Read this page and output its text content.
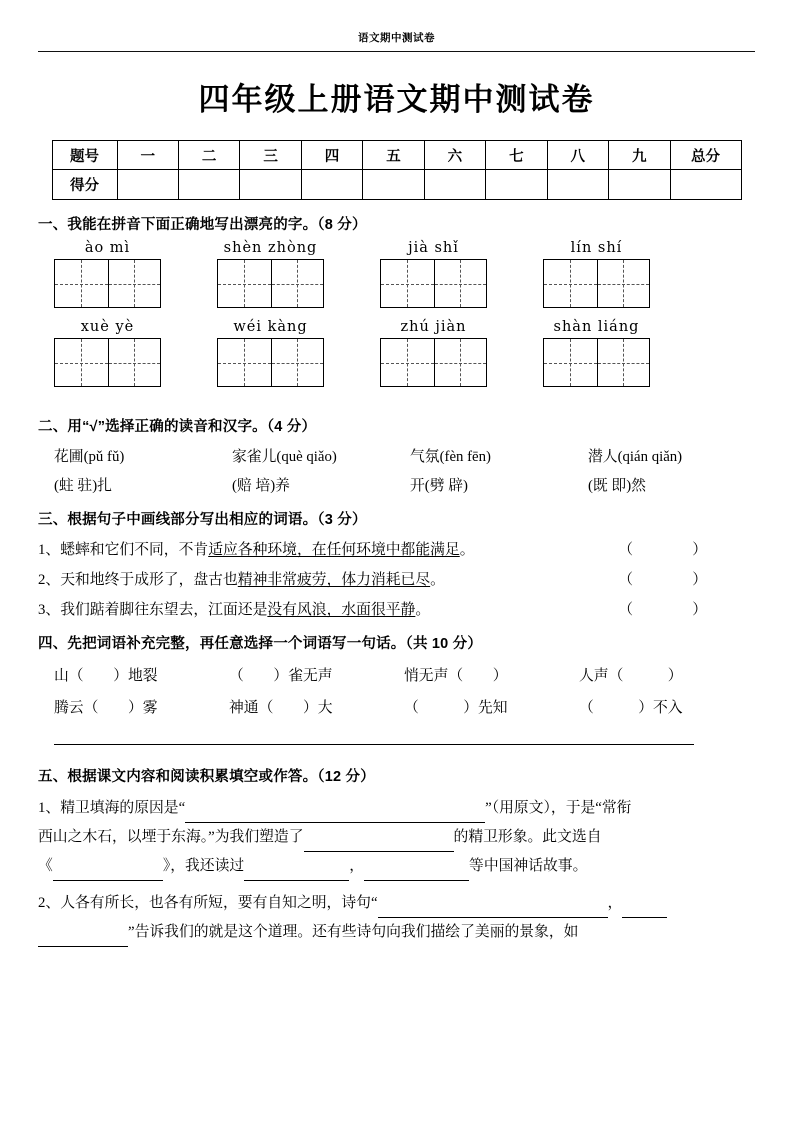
语文期中测试卷
四年级上册语文期中测试卷
题号	一	二	三	四	五	六	七	八	九	总分
得分										
一、我能在拼音下面正确地写出漂亮的字。（8 分）
ào mì	shèn zhòng	jià shǐ	lín shí
xuè yè	wéi kàng	zhú jiàn	shàn liáng
二、用“√”选择正确的读音和汉字。（4 分）
花圃(pǔ fǔ)	家雀儿(què qiǎo)	气氛(fèn fēn)	潜人(qián qiǎn)
(蛀 驻)扎	(赔 培)养	开(劈 辟)	(既 即)然
三、根据句子中画线部分写出相应的词语。（3 分）
1、蟋蟀和它们不同，不肯适应各种环境，在任何环境中都能满足。	（                ）
2、天和地终于成形了，盘古也精神非常疲劳，体力消耗已尽。	（                ）
3、我们踮着脚往东望去，江面还是没有风浪，水面很平静。	（                ）
四、先把词语补充完整，再任意选择一个词语写一句话。（共 10 分）
山（        ）地裂	（        ）雀无声	悄无声（        ）	人声（            ）
腾云（        ）雾	神通（        ）大	（            ）先知	（            ）不入
五、根据课文内容和阅读积累填空或作答。（12 分）
1、精卫填海的原因是“	”（用原文），于是“常衔
西山之木石，以堙于东海。”为我们塑造了	的精卫形象。此文选自
《	》，我还读过	，	等中国神话故事。
2、人各有所长，也各有所短，要有自知之明，诗句“	，
”告诉我们的就是这个道理。还有些诗句向我们描绘了美丽的景象，如
